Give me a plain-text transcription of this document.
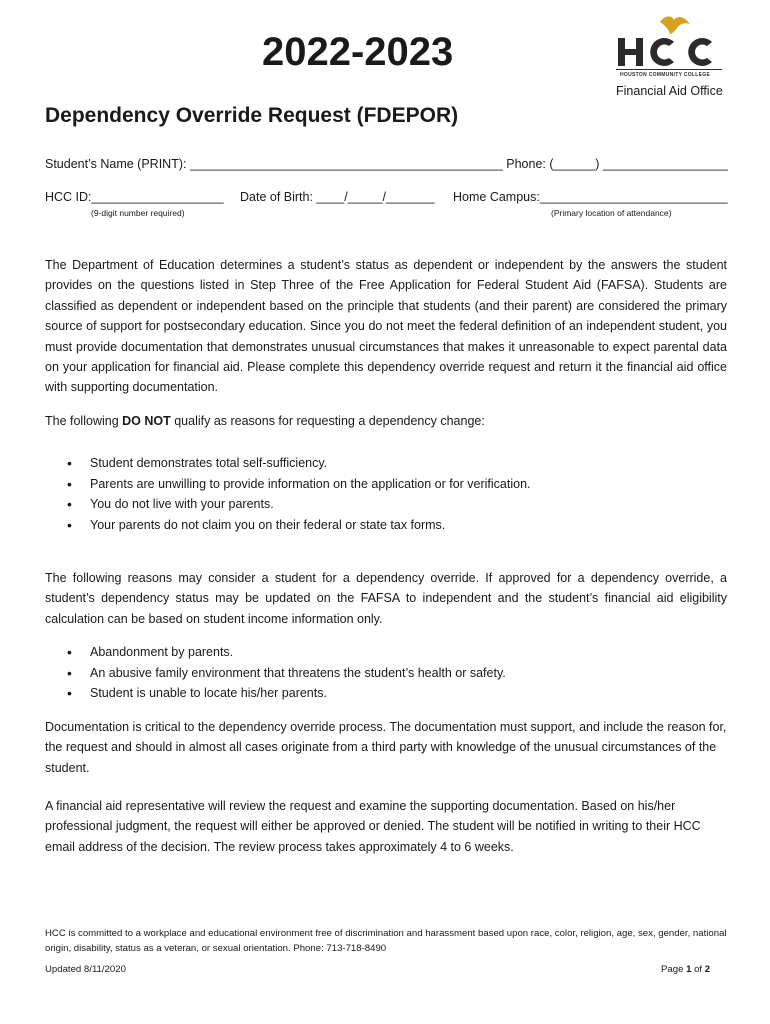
2022-2023
HOUSTON COMMUNITY COLLEGE
Financial Aid Office
Dependency Override Request (FDEPOR)
Student’s Name (PRINT): _____________________________________________ Phone: (______) __________________
HCC ID:___________________ Date of Birth: ____/_____/_______ Home Campus:___________________________
(9-digit number required)	(Primary location of attendance)

The Department of Education determines a student’s status as dependent or independent by the answers the student provides on the questions listed in Step Three of the Free Application for Federal Student Aid (FAFSA). Students are classified as dependent or independent based on the principle that students (and their parent) are considered the primary source of support for postsecondary education. Since you do not meet the federal definition of an independent student, you must provide documentation that demonstrates unusual circumstances that makes it unreasonable to expect parental data on your application for financial aid. Please complete this dependency override request and return it the financial aid office with supporting documentation.

The following DO NOT qualify as reasons for requesting a dependency change:
• Student demonstrates total self-sufficiency.
• Parents are unwilling to provide information on the application or for verification.
• You do not live with your parents.
• Your parents do not claim you on their federal or state tax forms.

The following reasons may consider a student for a dependency override. If approved for a dependency override, a student’s dependency status may be updated on the FAFSA to independent and the student’s financial aid eligibility calculation can be based on student income information only.

• Abandonment by parents.
• An abusive family environment that threatens the student’s health or safety.
• Student is unable to locate his/her parents.

Documentation is critical to the dependency override process. The documentation must support, and include the reason for, the request and should in almost all cases originate from a third party with knowledge of the unusual circumstances of the student.

A financial aid representative will review the request and examine the supporting documentation. Based on his/her professional judgment, the request will either be approved or denied. The student will be notified in writing to their HCC email address of the decision. The review process takes approximately 4 to 6 weeks.

HCC is committed to a workplace and educational environment free of discrimination and harassment based upon race, color, religion, age, sex, gender, national origin, disability, status as a veteran, or sexual orientation. Phone: 713-718-8490

Updated 8/11/2020	Page 1 of 2
